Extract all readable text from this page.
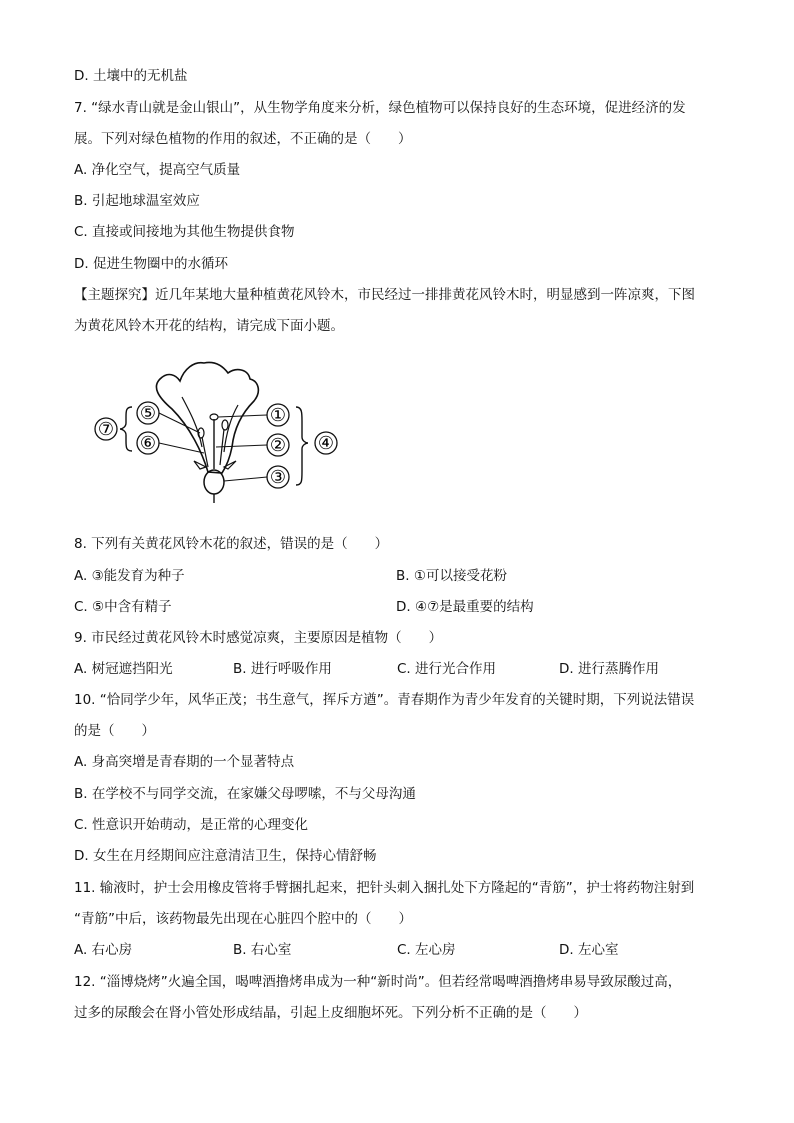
D. 土壤中的无机盐
7. “绿水青山就是金山银山”，从生物学角度来分析，绿色植物可以保持良好的生态环境，促进经济的发
展。下列对绿色植物的作用的叙述，不正确的是（　　）
A. 净化空气，提高空气质量
B. 引起地球温室效应
C. 直接或间接地为其他生物提供食物
D. 促进生物圈中的水循环
【主题探究】近几年某地大量种植黄花风铃木，市民经过一排排黄花风铃木时，明显感到一阵凉爽，下图
为黄花风铃木开花的结构，请完成下面小题。
⑦
⑤
⑥
①
②
③
④
8. 下列有关黄花风铃木花的叙述，错误的是（　　）
A. ③能发育为种子	B. ①可以接受花粉
C. ⑤中含有精子	D. ④⑦是最重要的结构
9. 市民经过黄花风铃木时感觉凉爽，主要原因是植物（　　）
A. 树冠遮挡阳光	B. 进行呼吸作用	C. 进行光合作用	D. 进行蒸腾作用
10. “恰同学少年，风华正茂；书生意气，挥斥方遒”。青春期作为青少年发育的关键时期，下列说法错误
的是（　　）
A. 身高突增是青春期的一个显著特点
B. 在学校不与同学交流，在家嫌父母啰嗦，不与父母沟通
C. 性意识开始萌动，是正常的心理变化
D. 女生在月经期间应注意清洁卫生，保持心情舒畅
11. 输液时，护士会用橡皮管将手臂捆扎起来，把针头刺入捆扎处下方隆起的“青筋”，护士将药物注射到
“青筋”中后，该药物最先出现在心脏四个腔中的（　　）
A. 右心房	B. 右心室	C. 左心房	D. 左心室
12. “淄博烧烤”火遍全国，喝啤酒撸烤串成为一种“新时尚”。但若经常喝啤酒撸烤串易导致尿酸过高，
过多的尿酸会在肾小管处形成结晶，引起上皮细胞坏死。下列分析不正确的是（　　）
